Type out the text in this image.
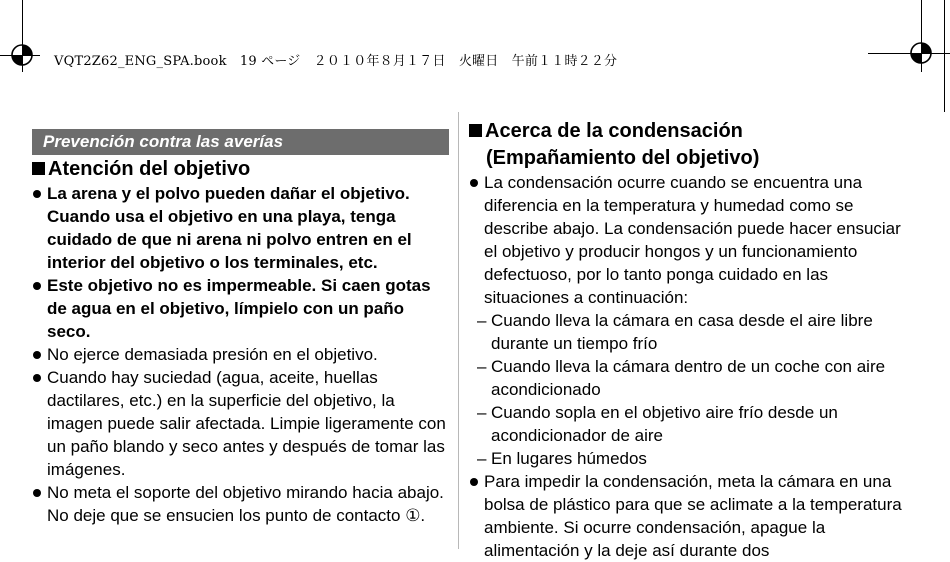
VQT2Z62_ENG_SPA.book　19 ページ　２０１０年８月１７日　火曜日　午前１１時２２分
Prevención contra las averías
Atención del objetivo
La arena y el polvo pueden dañar el objetivo. Cuando usa el objetivo en una playa, tenga cuidado de que ni arena ni polvo entren en el interior del objetivo o los terminales, etc.
Este objetivo no es impermeable. Si caen gotas de agua en el objetivo, límpielo con un paño seco.
No ejerce demasiada presión en el objetivo.
Cuando hay suciedad (agua, aceite, huellas dactilares, etc.) en la superficie del objetivo, la imagen puede salir afectada. Limpie ligeramente con un paño blando y seco antes y después de tomar las imágenes.
No meta el soporte del objetivo mirando hacia abajo. No deje que se ensucien los punto de contacto ①.
Acerca de la condensación
(Empañamiento del objetivo)
La condensación ocurre cuando se encuentra una diferencia en la temperatura y humedad como se describe abajo. La condensación puede hacer ensuciar el objetivo y producir hongos y un funcionamiento defectuoso, por lo tanto ponga cuidado en las situaciones a continuación:
– Cuando lleva la cámara en casa desde el aire libre durante un tiempo frío
– Cuando lleva la cámara dentro de un coche con aire acondicionado
– Cuando sopla en el objetivo aire frío desde un acondicionador de aire
– En lugares húmedos
Para impedir la condensación, meta la cámara en una bolsa de plástico para que se aclimate a la temperatura ambiente. Si ocurre condensación, apague la alimentación y la deje así durante dos
